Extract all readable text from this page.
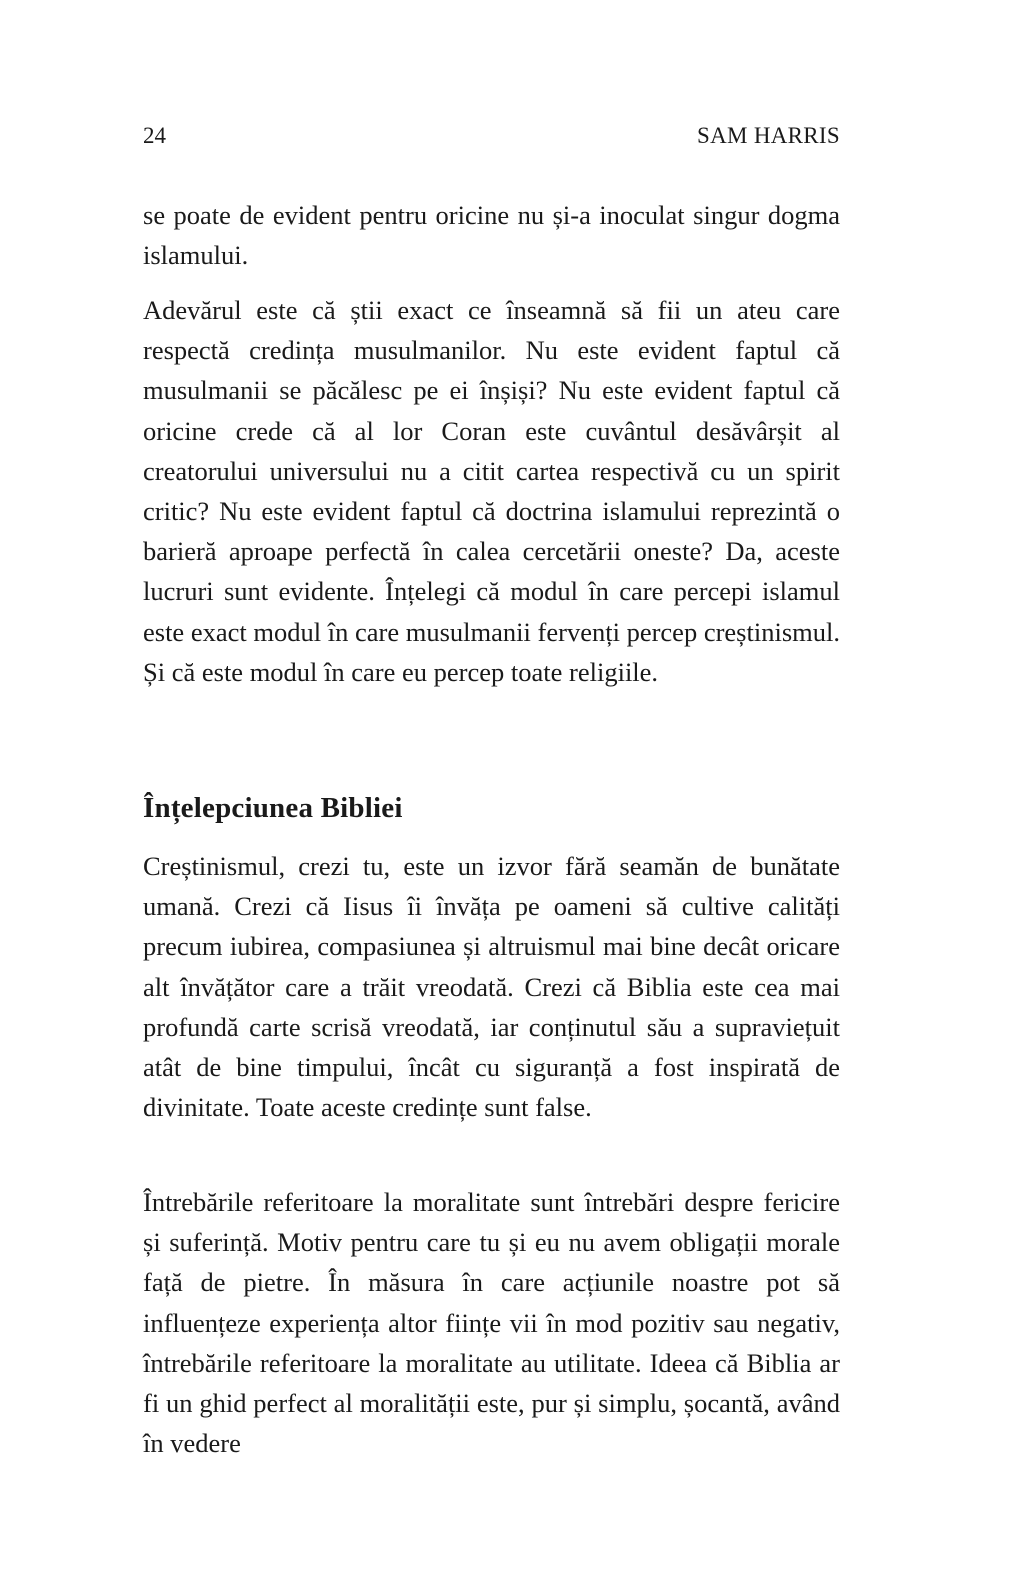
24	SAM HARRIS

se poate de evident pentru oricine nu și-a inoculat singur dogma islamului.

Adevărul este că știi exact ce înseamnă să fii un ateu care respectă credința musulmanilor. Nu este evident faptul că musulmanii se păcălesc pe ei înșiși? Nu este evident faptul că oricine crede că al lor Coran este cuvântul desăvârșit al creatorului universului nu a citit cartea respectivă cu un spirit critic? Nu este evident faptul că doctrina islamului reprezintă o barieră aproape perfectă în calea cercetării oneste? Da, aceste lucruri sunt evidente. Înțelegi că modul în care percepi islamul este exact modul în care musulmanii fervenți percep creștinismul. Și că este modul în care eu percep toate religiile.

Înțelepciunea Bibliei

Creștinismul, crezi tu, este un izvor fără seamăn de bunătate umană. Crezi că Iisus îi învăța pe oameni să cultive calități precum iubirea, compasiunea și altruismul mai bine decât oricare alt învățător care a trăit vreodată. Crezi că Biblia este cea mai profundă carte scrisă vreodată, iar conținutul său a supraviețuit atât de bine timpului, încât cu siguranță a fost inspirată de divinitate. Toate aceste credințe sunt false.

Întrebările referitoare la moralitate sunt întrebări despre fericire și suferință. Motiv pentru care tu și eu nu avem obligații morale față de pietre. În măsura în care acțiunile noastre pot să influențeze experiența altor ființe vii în mod pozitiv sau negativ, întrebările referitoare la moralitate au utilitate. Ideea că Biblia ar fi un ghid perfect al moralității este, pur și simplu, șocantă, având în vedere
